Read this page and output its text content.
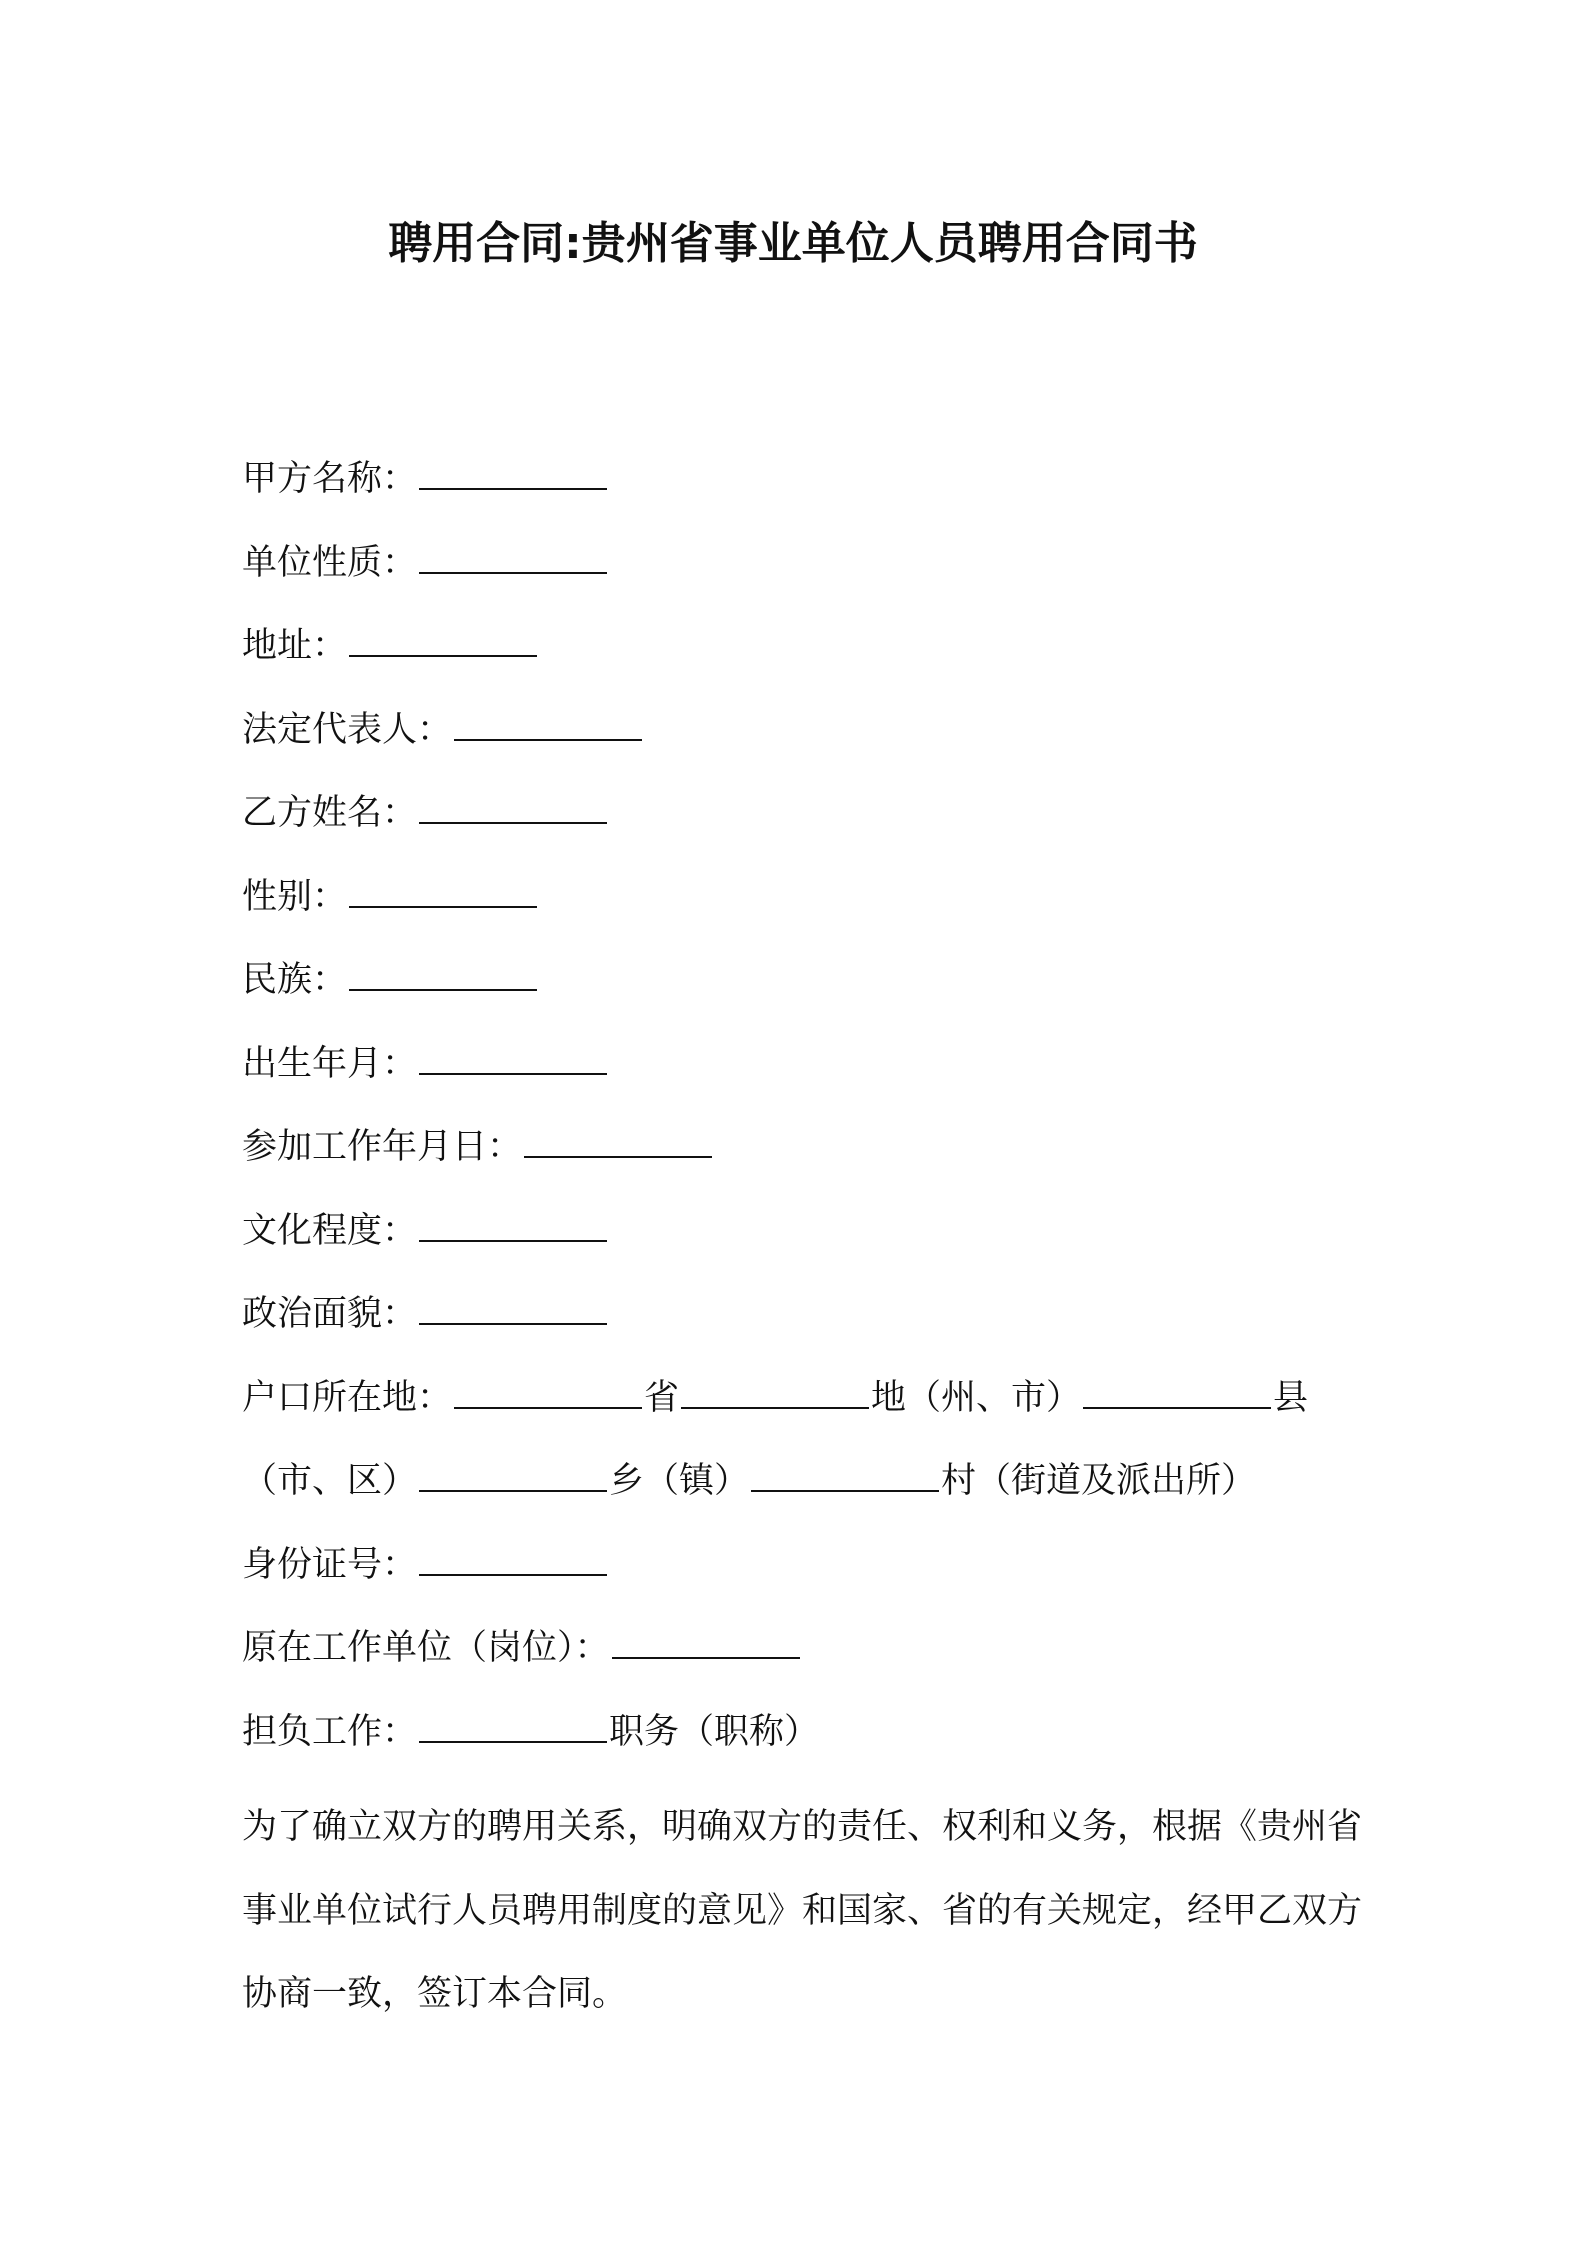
聘用合同:贵州省事业单位人员聘用合同书
甲方名称：
单位性质：
地址：
法定代表人：
乙方姓名：
性别：
民族：
出生年月：
参加工作年月日：
文化程度：
政治面貌：
户口所在地：	省	地（州、市）	县
（市、区）	乡（镇）	村（街道及派出所）
身份证号：
原在工作单位（岗位）：
担负工作：	职务（职称）

为了确立双方的聘用关系，明确双方的责任、权利和义务，根据《贵州省事业单位试行人员聘用制度的意见》和国家、省的有关规定，经甲乙双方协商一致，签订本合同。
